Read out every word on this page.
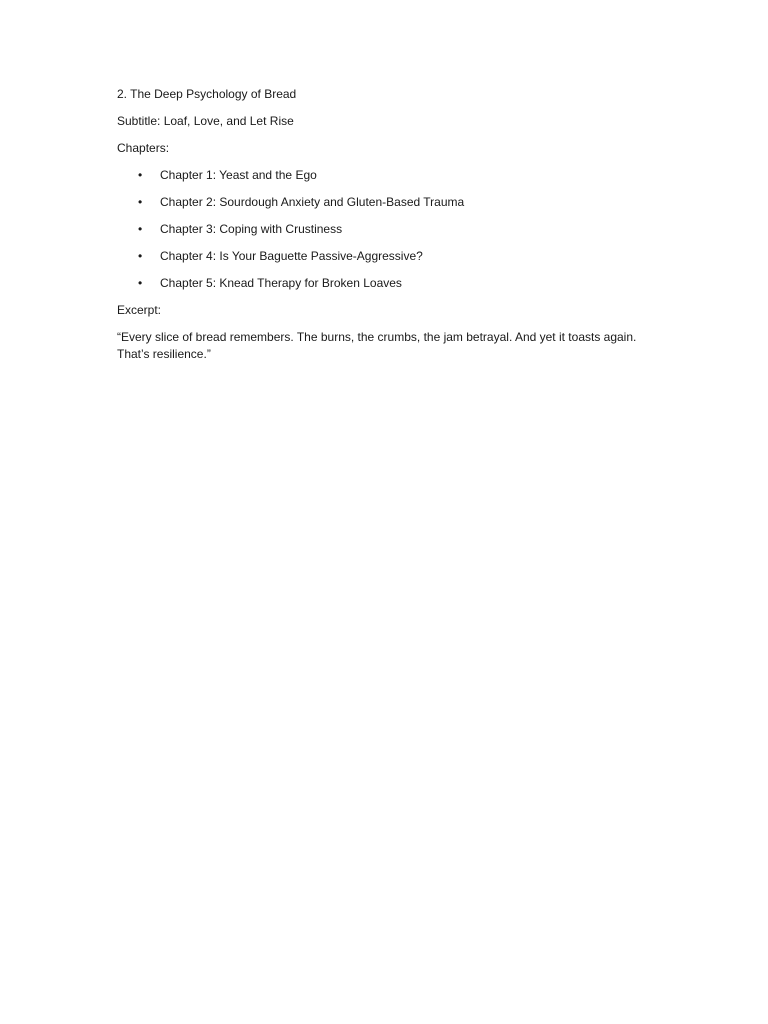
2. The Deep Psychology of Bread

Subtitle: Loaf, Love, and Let Rise

Chapters:

• Chapter 1: Yeast and the Ego
• Chapter 2: Sourdough Anxiety and Gluten-Based Trauma
• Chapter 3: Coping with Crustiness
• Chapter 4: Is Your Baguette Passive-Aggressive?
• Chapter 5: Knead Therapy for Broken Loaves

Excerpt:

“Every slice of bread remembers. The burns, the crumbs, the jam betrayal. And yet it toasts again. That’s resilience.”
